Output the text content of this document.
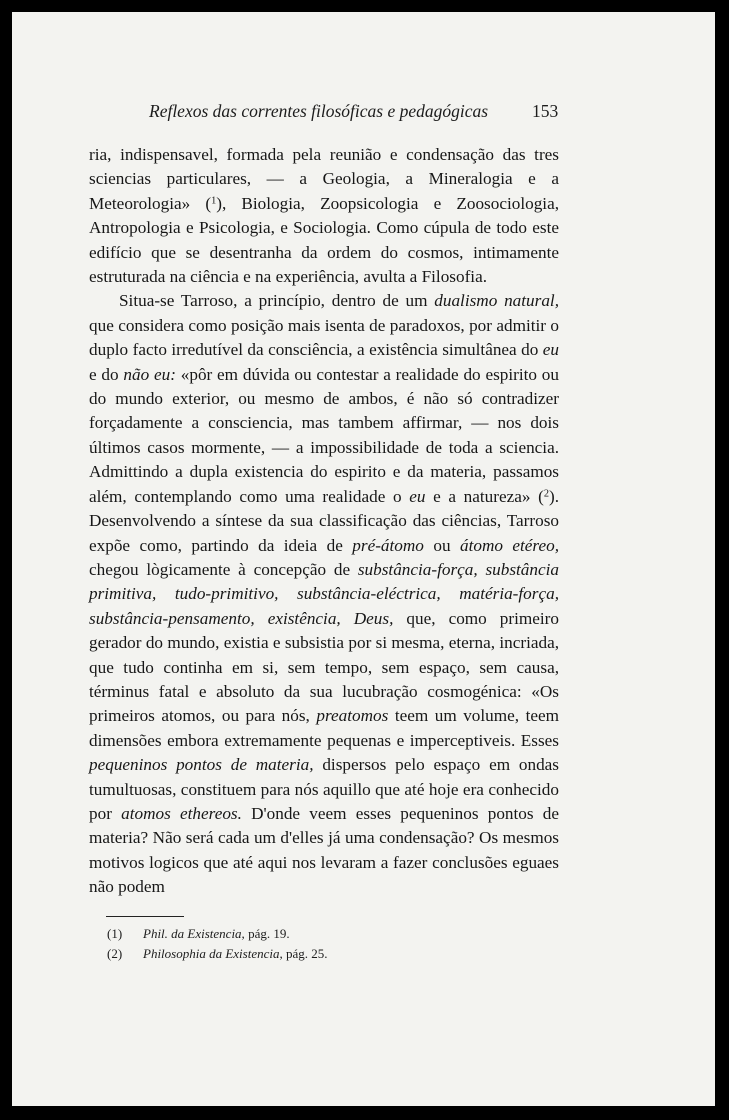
Reflexos das correntes filosóficas e pedagógicas	153

ria, indispensavel, formada pela reunião e condensação das tres sciencias particulares, — a Geologia, a Mineralogia e a Meteorologia» ($^1$), Biologia, Zoopsicologia e Zoosociologia, Antropologia e Psicologia, e Sociologia. Como cúpula de todo este edifício que se desentranha da ordem do cosmos, intimamente estruturada na ciência e na experiência, avulta a Filosofia.

Situa-se Tarroso, a princípio, dentro de um dualismo natural, que considera como posição mais isenta de paradoxos, por admitir o duplo facto irredutível da consciência, a existência simultânea do eu e do não eu: «pôr em dúvida ou contestar a realidade do espirito ou do mundo exterior, ou mesmo de ambos, é não só contradizer forçadamente a consciencia, mas tambem affirmar, — nos dois últimos casos mormente, — a impossibilidade de toda a sciencia. Admittindo a dupla existencia do espirito e da materia, passamos além, contemplando como uma realidade o eu e a natureza» ($^2$). Desenvolvendo a síntese da sua classificação das ciências, Tarroso expõe como, partindo da ideia de pré-átomo ou átomo etéreo, chegou lògicamente à concepção de substância-força, substância primitiva, tudo-primitivo, substância-eléctrica, matéria-força, substância-pensamento, existência, Deus, que, como primeiro gerador do mundo, existia e subsistia por si mesma, eterna, incriada, que tudo continha em si, sem tempo, sem espaço, sem causa, términus fatal e absoluto da sua lucubração cosmogénica: «Os primeiros atomos, ou para nós, preatomos teem um volume, teem dimensões embora extremamente pequenas e imperceptiveis. Esses pequeninos pontos de materia, dispersos pelo espaço em ondas tumultuosas, constituem para nós aquillo que até hoje era conhecido por atomos ethereos. D'onde veem esses pequeninos pontos de materia? Não será cada um d'elles já uma condensação? Os mesmos motivos logicos que até aqui nos levaram a fazer conclusões eguaes não podem

(1) Phil. da Existencia, pág. 19.
(2) Philosophia da Existencia, pág. 25.
